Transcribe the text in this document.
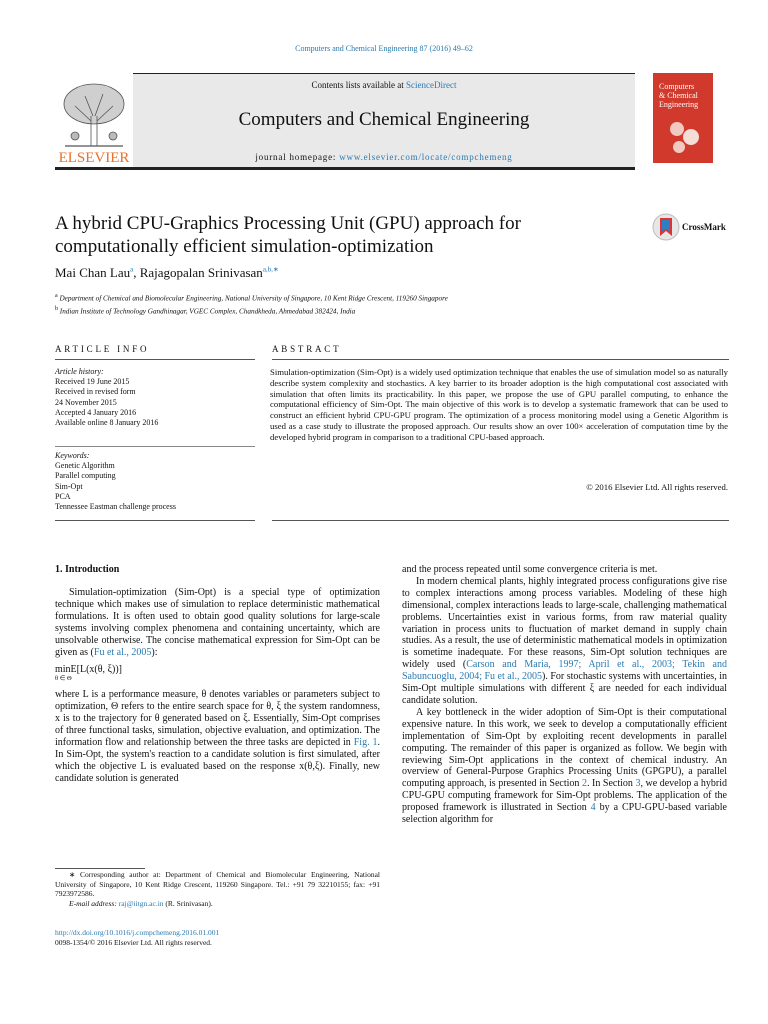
Computers and Chemical Engineering 87 (2016) 49–62
Contents lists available at ScienceDirect
Computers and Chemical Engineering
journal homepage: www.elsevier.com/locate/compchemeng
ELSEVIER
Computers
& Chemical
Engineering
A hybrid CPU-Graphics Processing Unit (GPU) approach for computationally efficient simulation-optimization
CrossMark
Mai Chan Lau$^a$, Rajagopalan Srinivasan$^{a,b,∗}$
$^a$ Department of Chemical and Biomolecular Engineering, National University of Singapore, 10 Kent Ridge Crescent, 119260 Singapore
$^b$ Indian Institute of Technology Gandhinagar, VGEC Complex, Chandkheda, Ahmedabad 382424, India
ARTICLE INFO	ABSTRACT
Article history:
Received 19 June 2015
Received in revised form
24 November 2015
Accepted 4 January 2016
Available online 8 January 2016
Keywords:
Genetic Algorithm
Parallel computing
Sim-Opt
PCA
Tennessee Eastman challenge process
Simulation-optimization (Sim-Opt) is a widely used optimization technique that enables the use of simulation model so as naturally describe system complexity and stochastics. A key barrier to its broader adoption is the high computational cost associated with simulation that often limits its practicability. In this paper, we propose the use of GPU parallel computing, to enhance the computational efficiency of Sim-Opt. The main objective of this work is to develop a systematic framework that can be used to construct an efficient hybrid CPU-GPU program. The optimization of a process monitoring model using a Genetic Algorithm is used as a case study to illustrate the proposed approach. Our results show an over 100× acceleration of computation time by the developed hybrid program in comparison to a traditional CPU-based approach.
© 2016 Elsevier Ltd. All rights reserved.
1. Introduction

Simulation-optimization (Sim-Opt) is a special type of optimization technique which makes use of simulation to replace deterministic mathematical formulations. It is often used to obtain good quality solutions for large-scale systems involving complex phenomena and containing uncertainty, which are unsolvable otherwise. The concise mathematical expression for Sim-Opt can be given as (Fu et al., 2005):

minE[L(x(θ, ξ))]
θ ∈ Θ

where L is a performance measure, θ denotes variables or parameters subject to optimization, Θ refers to the entire search space for θ, ξ the system randomness, x is to the trajectory for θ generated based on ξ. Essentially, Sim-Opt comprises of three functional tasks, simulation, objective evaluation, and optimization. The information flow and relationship between the three tasks are depicted in Fig. 1. In Sim-Opt, the system's reaction to a candidate solution is first simulated, after which the objective L is evaluated based on the response x(θ,ξ). Finally, new candidate solution is generated

and the process repeated until some convergence criteria is met.

In modern chemical plants, highly integrated process configurations give rise to complex interactions among process variables. Modeling of these high dimensional, complex interactions leads to large-scale, challenging mathematical problems. Uncertainties exist in various forms, from raw material quality variation in process units to fluctuation of market demand in supply chain studies. As a result, the use of deterministic mathematical models in optimization is sometime inadequate. For these reasons, Sim-Opt solution techniques are widely used (Carson and Maria, 1997; April et al., 2003; Tekin and Sabuncuoglu, 2004; Fu et al., 2005). For stochastic systems with uncertainties, in Sim-Opt multiple simulations with different ξ are needed for each individual candidate solution.

A key bottleneck in the wider adoption of Sim-Opt is their computational expensive nature. In this work, we seek to develop a computationally efficient implementation of Sim-Opt by exploiting recent developments in parallel computing. The remainder of this paper is organized as follow. We begin with reviewing Sim-Opt applications in the context of chemical industry. An overview of General-Purpose Graphics Processing Units (GPGPU), a parallel computing approach, is presented in Section 2. In Section 3, we develop a hybrid CPU-GPU computing framework for Sim-Opt problems. The application of the proposed framework is illustrated in Section 4 by a CPU-GPU-based variable selection algorithm for

∗ Corresponding author at: Department of Chemical and Biomolecular Engineering, National University of Singapore, 10 Kent Ridge Crescent, 119260 Singapore. Tel.: +91 79 32210155; fax: +91 7923972586.
E-mail address: raj@iitgn.ac.in (R. Srinivasan).
http://dx.doi.org/10.1016/j.compchemeng.2016.01.001
0098-1354/© 2016 Elsevier Ltd. All rights reserved.
